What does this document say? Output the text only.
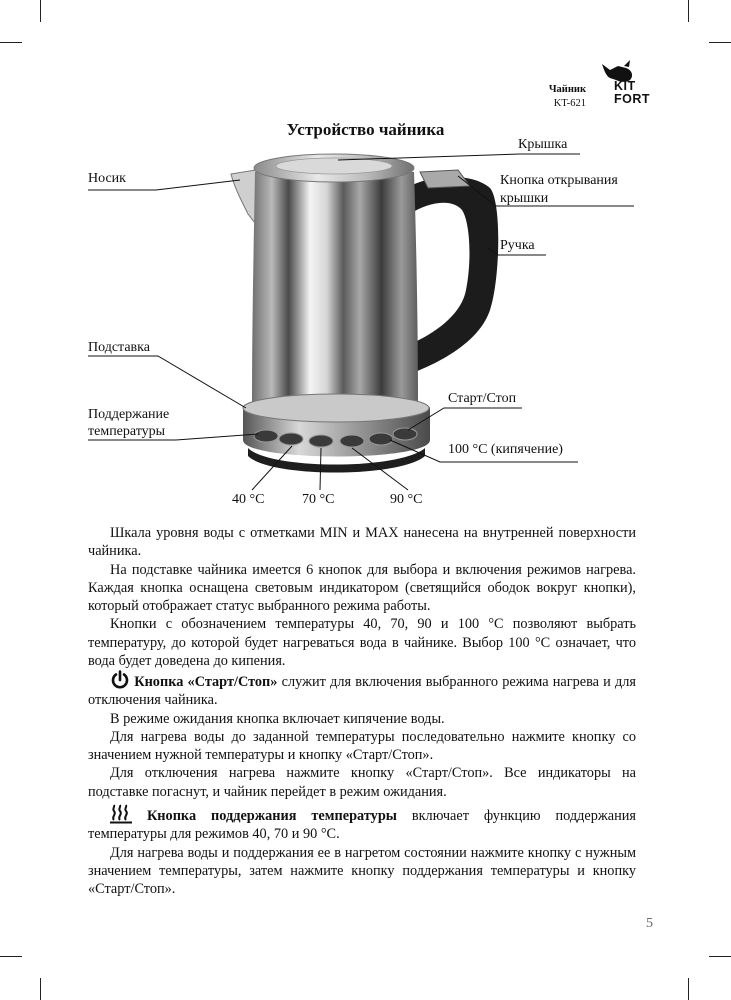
Чайник
KT-621
KIT
FORT
Устройство чайника
Крышка
Носик	Кнопка открывания
крышки
Ручка
Подставка
Поддержание
температуры
Старт/Стоп
100 °C (кипячение)
40 °C	70 °C	90 °C

Шкала уровня воды с отметками MIN и MAX нанесена на внутренней поверхности чайника.

На подставке чайника имеется 6 кнопок для выбора и включения режимов нагрева. Каждая кнопка оснащена световым индикатором (светящийся ободок вокруг кнопки), который отображает статус выбранного режима работы.

Кнопки с обозначением температуры 40, 70, 90 и 100 °C позволяют выбрать температуру, до которой будет нагреваться вода в чайнике. Выбор 100 °C означает, что вода будет доведена до кипения.

Кнопка «Старт/Стоп» служит для включения выбранного режима нагрева и для отключения чайника.

В режиме ожидания кнопка включает кипячение воды.

Для нагрева воды до заданной температуры последовательно нажмите кнопку со значением нужной температуры и кнопку «Старт/Стоп».

Для отключения нагрева нажмите кнопку «Старт/Стоп». Все индикаторы на подставке погаснут, и чайник перейдет в режим ожидания.

Кнопка поддержания температуры включает функцию поддержания температуры для режимов 40, 70 и 90 °C.

Для нагрева воды и поддержания ее в нагретом состоянии нажмите кнопку с нужным значением температуры, затем нажмите кнопку поддержания температуры и кнопку «Старт/Стоп».

5
